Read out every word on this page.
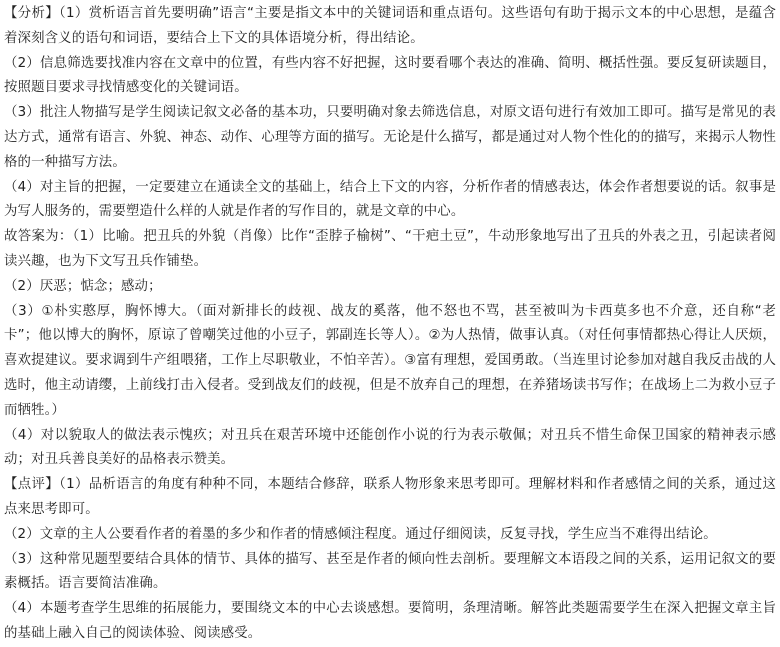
【分析】（1）赏析语言首先要明确”语言“主要是指文本中的关键词语和重点语句。这些语句有助于揭示文本的中心思想，是蕴含着深刻含义的语句和词语，要结合上下文的具体语境分析，得出结论。

（2）信息筛选要找准内容在文章中的位置，有些内容不好把握，这时要看哪个表达的准确、简明、概括性强。要反复研读题目，按照题目要求寻找情感变化的关键词语。

（3）批注人物描写是学生阅读记叙文必备的基本功，只要明确对象去筛选信息，对原文语句进行有效加工即可。描写是常见的表达方式，通常有语言、外貌、神态、动作、心理等方面的描写。无论是什么描写，都是通过对人物个性化的的描写，来揭示人物性格的一种描写方法。

（4）对主旨的把握，一定要建立在通读全文的基础上，结合上下文的内容，分析作者的情感表达，体会作者想要说的话。叙事是为写人服务的，需要塑造什么样的人就是作者的写作目的，就是文章的中心。

故答案为：（1）比喻。把丑兵的外貌（肖像）比作“歪脖子榆树”、“干疤土豆”，牛动形象地写出了丑兵的外表之丑，引起读者阅读兴趣，也为下文写丑兵作铺垫。

（2）厌恶；惦念；感动；

（3）①朴实憨厚，胸怀博大。（面对新排长的歧视、战友的奚落，他不怒也不骂，甚至被叫为卡西莫多也不介意，还自称“老卡”；他以博大的胸怀，原谅了曾嘲笑过他的小豆子，郭副连长等人）。②为人热情，做事认真。（对任何事情都热心得让人厌烦，喜欢提建议。要求调到牛产组喂猪，工作上尽职敬业，不怕辛苦）。③富有理想，爱国勇敢。（当连里讨论参加对越自我反击战的人选时，他主动请缨，上前线打击入侵者。受到战友们的歧视，但是不放弃自己的理想，在养猪场读书写作；在战场上二为救小豆子而牺牲。）

（4）对以貌取人的做法表示愧疚；对丑兵在艰苦环境中还能创作小说的行为表示敬佩；对丑兵不惜生命保卫国家的精神表示感动；对丑兵善良美好的品格表示赞美。

【点评】（1）品析语言的角度有种种不同，本题结合修辞，联系人物形象来思考即可。理解材料和作者感情之间的关系，通过这点来思考即可。

（2）文章的主人公要看作者的着墨的多少和作者的情感倾注程度。通过仔细阅读，反复寻找，学生应当不难得出结论。

（3）这种常见题型要结合具体的情节、具体的描写、甚至是作者的倾向性去剖析。要理解文本语段之间的关系，运用记叙文的要素概括。语言要简洁准确。

（4）本题考查学生思维的拓展能力，要围绕文本的中心去谈感想。要简明，条理清晰。解答此类题需要学生在深入把握文章主旨的基础上融入自己的阅读体验、阅读感受。
